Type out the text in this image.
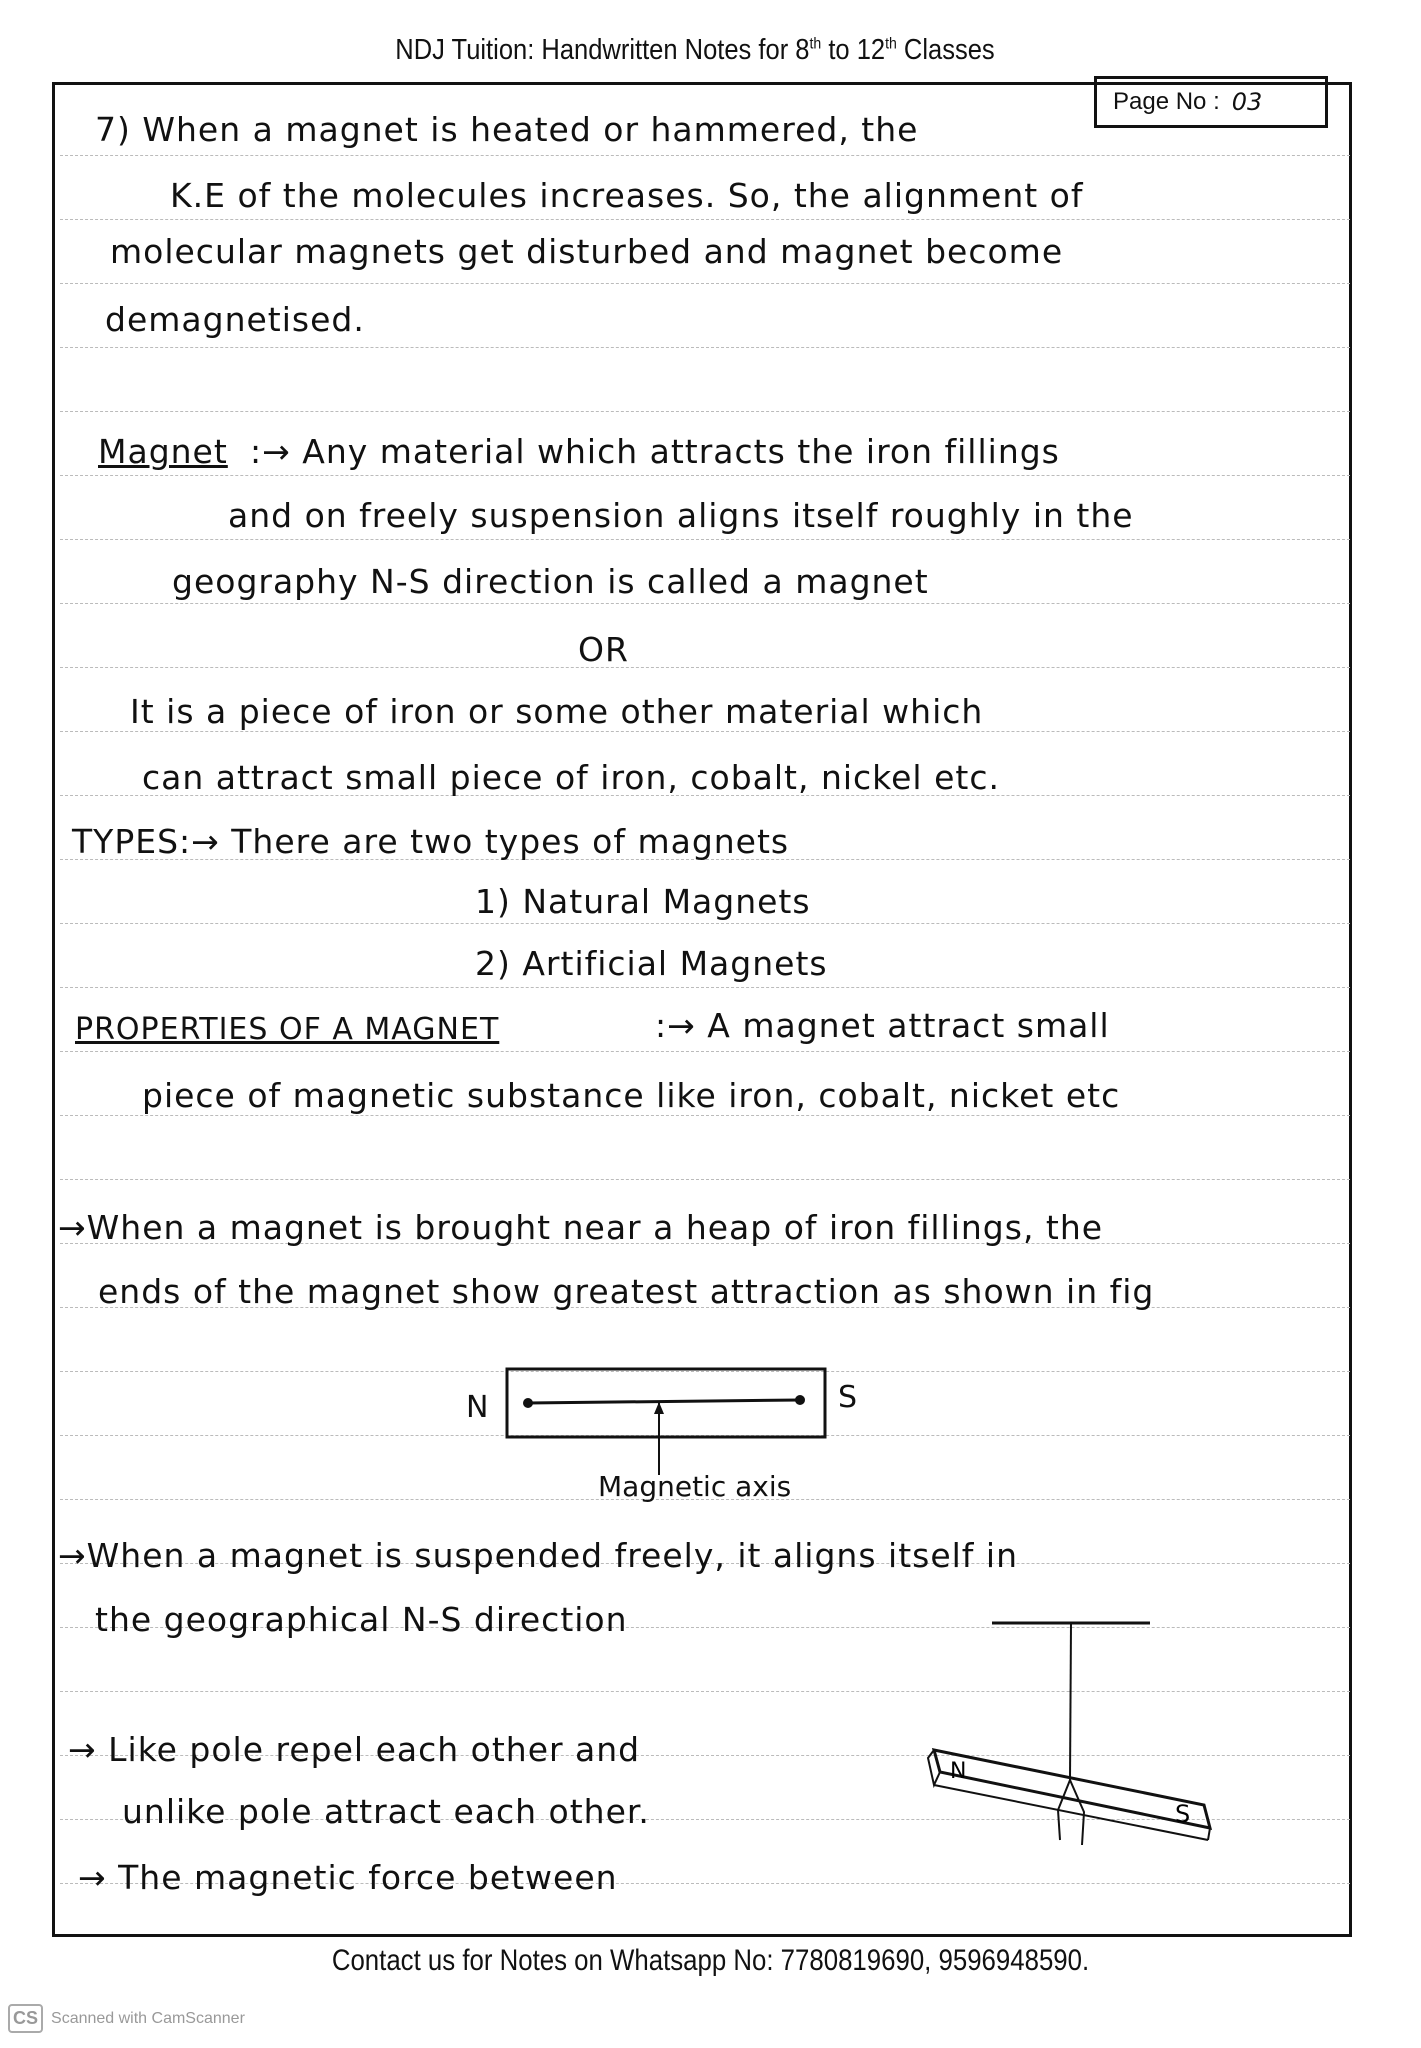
NDJ Tuition: Handwritten Notes for 8th to 12th Classes
Page No : 03
7) When a magnet is heated or hammered, the
K.E of the molecules increases. So, the alignment of
molecular magnets get disturbed and magnet become
demagnetised.
Magnet :→ Any material which attracts the iron fillings
and on freely suspension aligns itself roughly in the
geography N-S direction is called a magnet
OR
It is a piece of iron or some other material which
can attract small piece of iron, cobalt, nickel etc.
TYPES:→ There are two types of magnets
1) Natural Magnets
2) Artificial Magnets
PROPERTIES OF A MAGNET	:→ A magnet attract small
piece of magnetic substance like iron, cobalt, nicket etc
→When a magnet is brought near a heap of iron fillings, the
ends of the magnet show greatest attraction as shown in fig
N	S
Magnetic axis
→When a magnet is suspended freely, it aligns itself in
the geographical N-S direction
→ Like pole repel each other and
unlike pole attract each other.
→ The magnetic force between
N
S
Contact us for Notes on Whatsapp No: 7780819690, 9596948590.
CS Scanned with CamScanner
